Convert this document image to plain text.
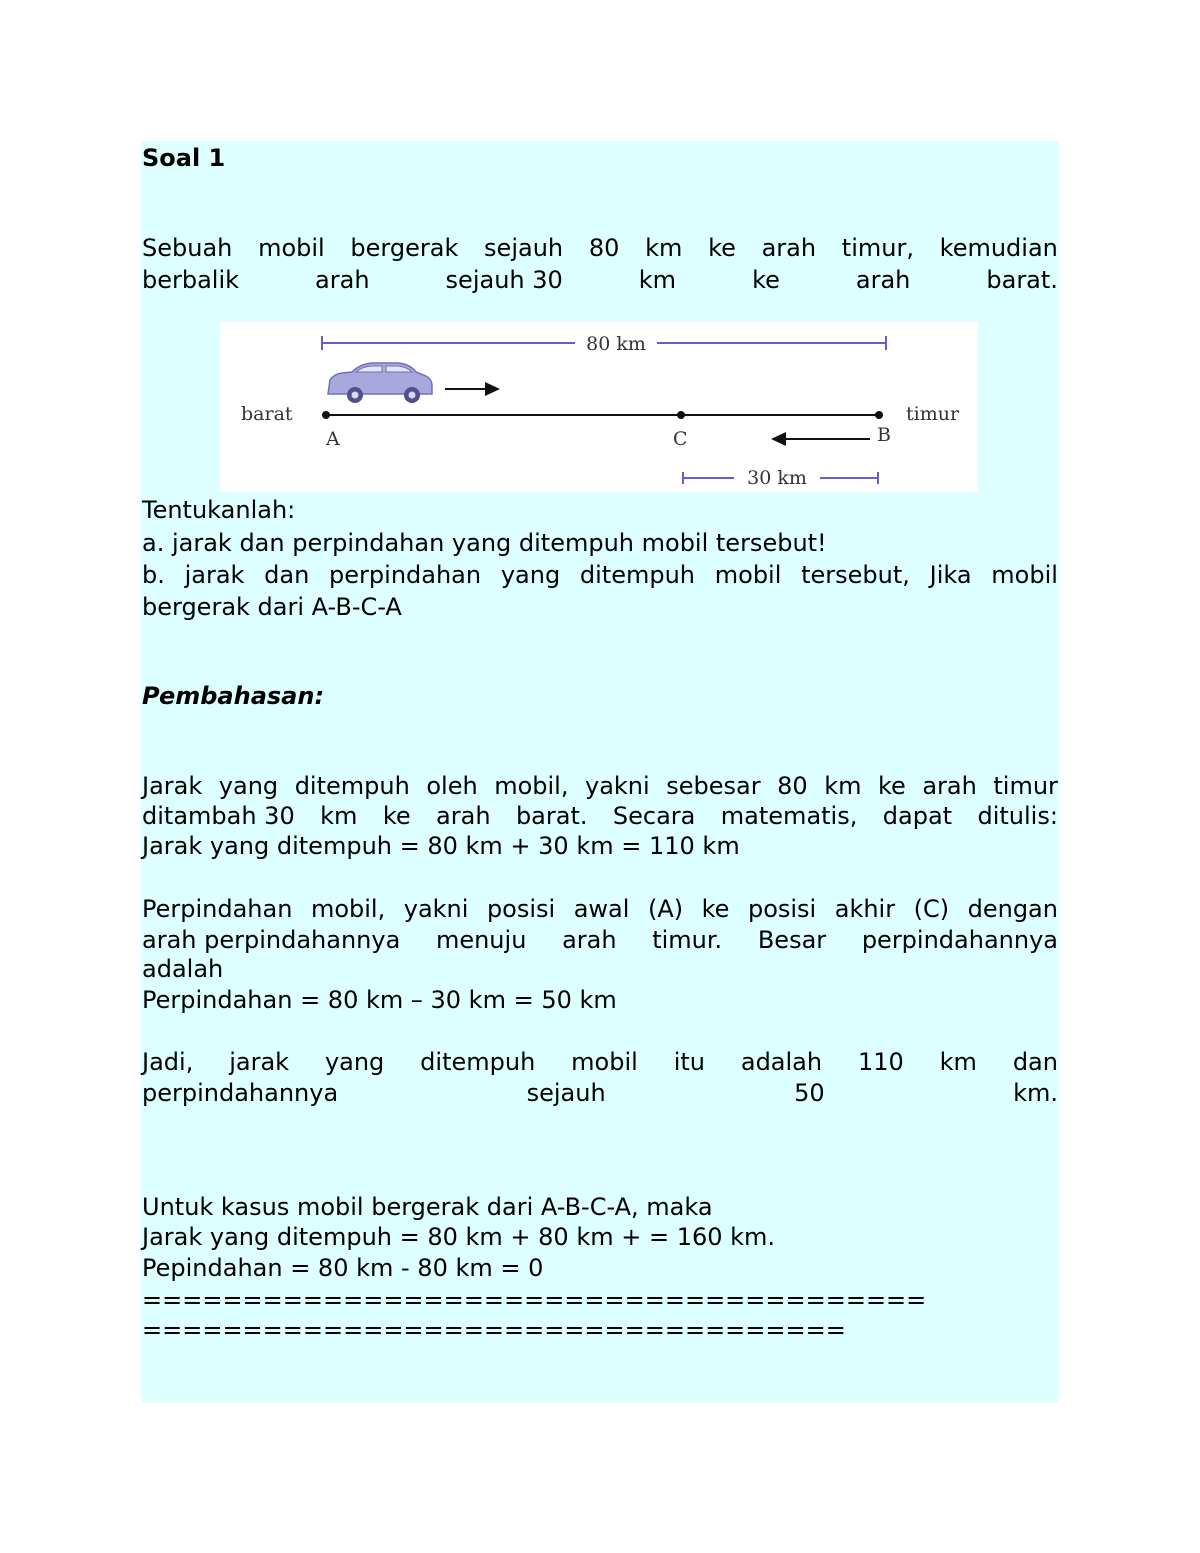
Soal 1
Sebuah mobil bergerak sejauh 80 km ke arah timur, kemudian
berbalik	arah	sejauh 30	km	ke	arah	barat.
80 km
barat	timur
A	C	B
30 km
Tentukanlah:
a. jarak dan perpindahan yang ditempuh mobil tersebut!
b. jarak dan perpindahan yang ditempuh mobil tersebut, Jika mobil
bergerak dari A-B-C-A
Pembahasan:
Jarak yang ditempuh oleh mobil, yakni sebesar 80 km ke arah timur
ditambah 30 km ke arah barat. Secara matematis, dapat ditulis:
Jarak yang ditempuh = 80 km + 30 km = 110 km
Perpindahan mobil, yakni posisi awal (A) ke posisi akhir (C) dengan
arah perpindahannya menuju arah timur. Besar perpindahannya
adalah
Perpindahan = 80 km – 30 km = 50 km
Jadi, jarak yang ditempuh mobil itu adalah 110 km dan
perpindahannya	sejauh	50	km.
Untuk kasus mobil bergerak dari A-B-C-A, maka
Jarak yang ditempuh = 80 km + 80 km + = 160 km.
Pepindahan = 80 km - 80 km = 0
=======================================
===================================
